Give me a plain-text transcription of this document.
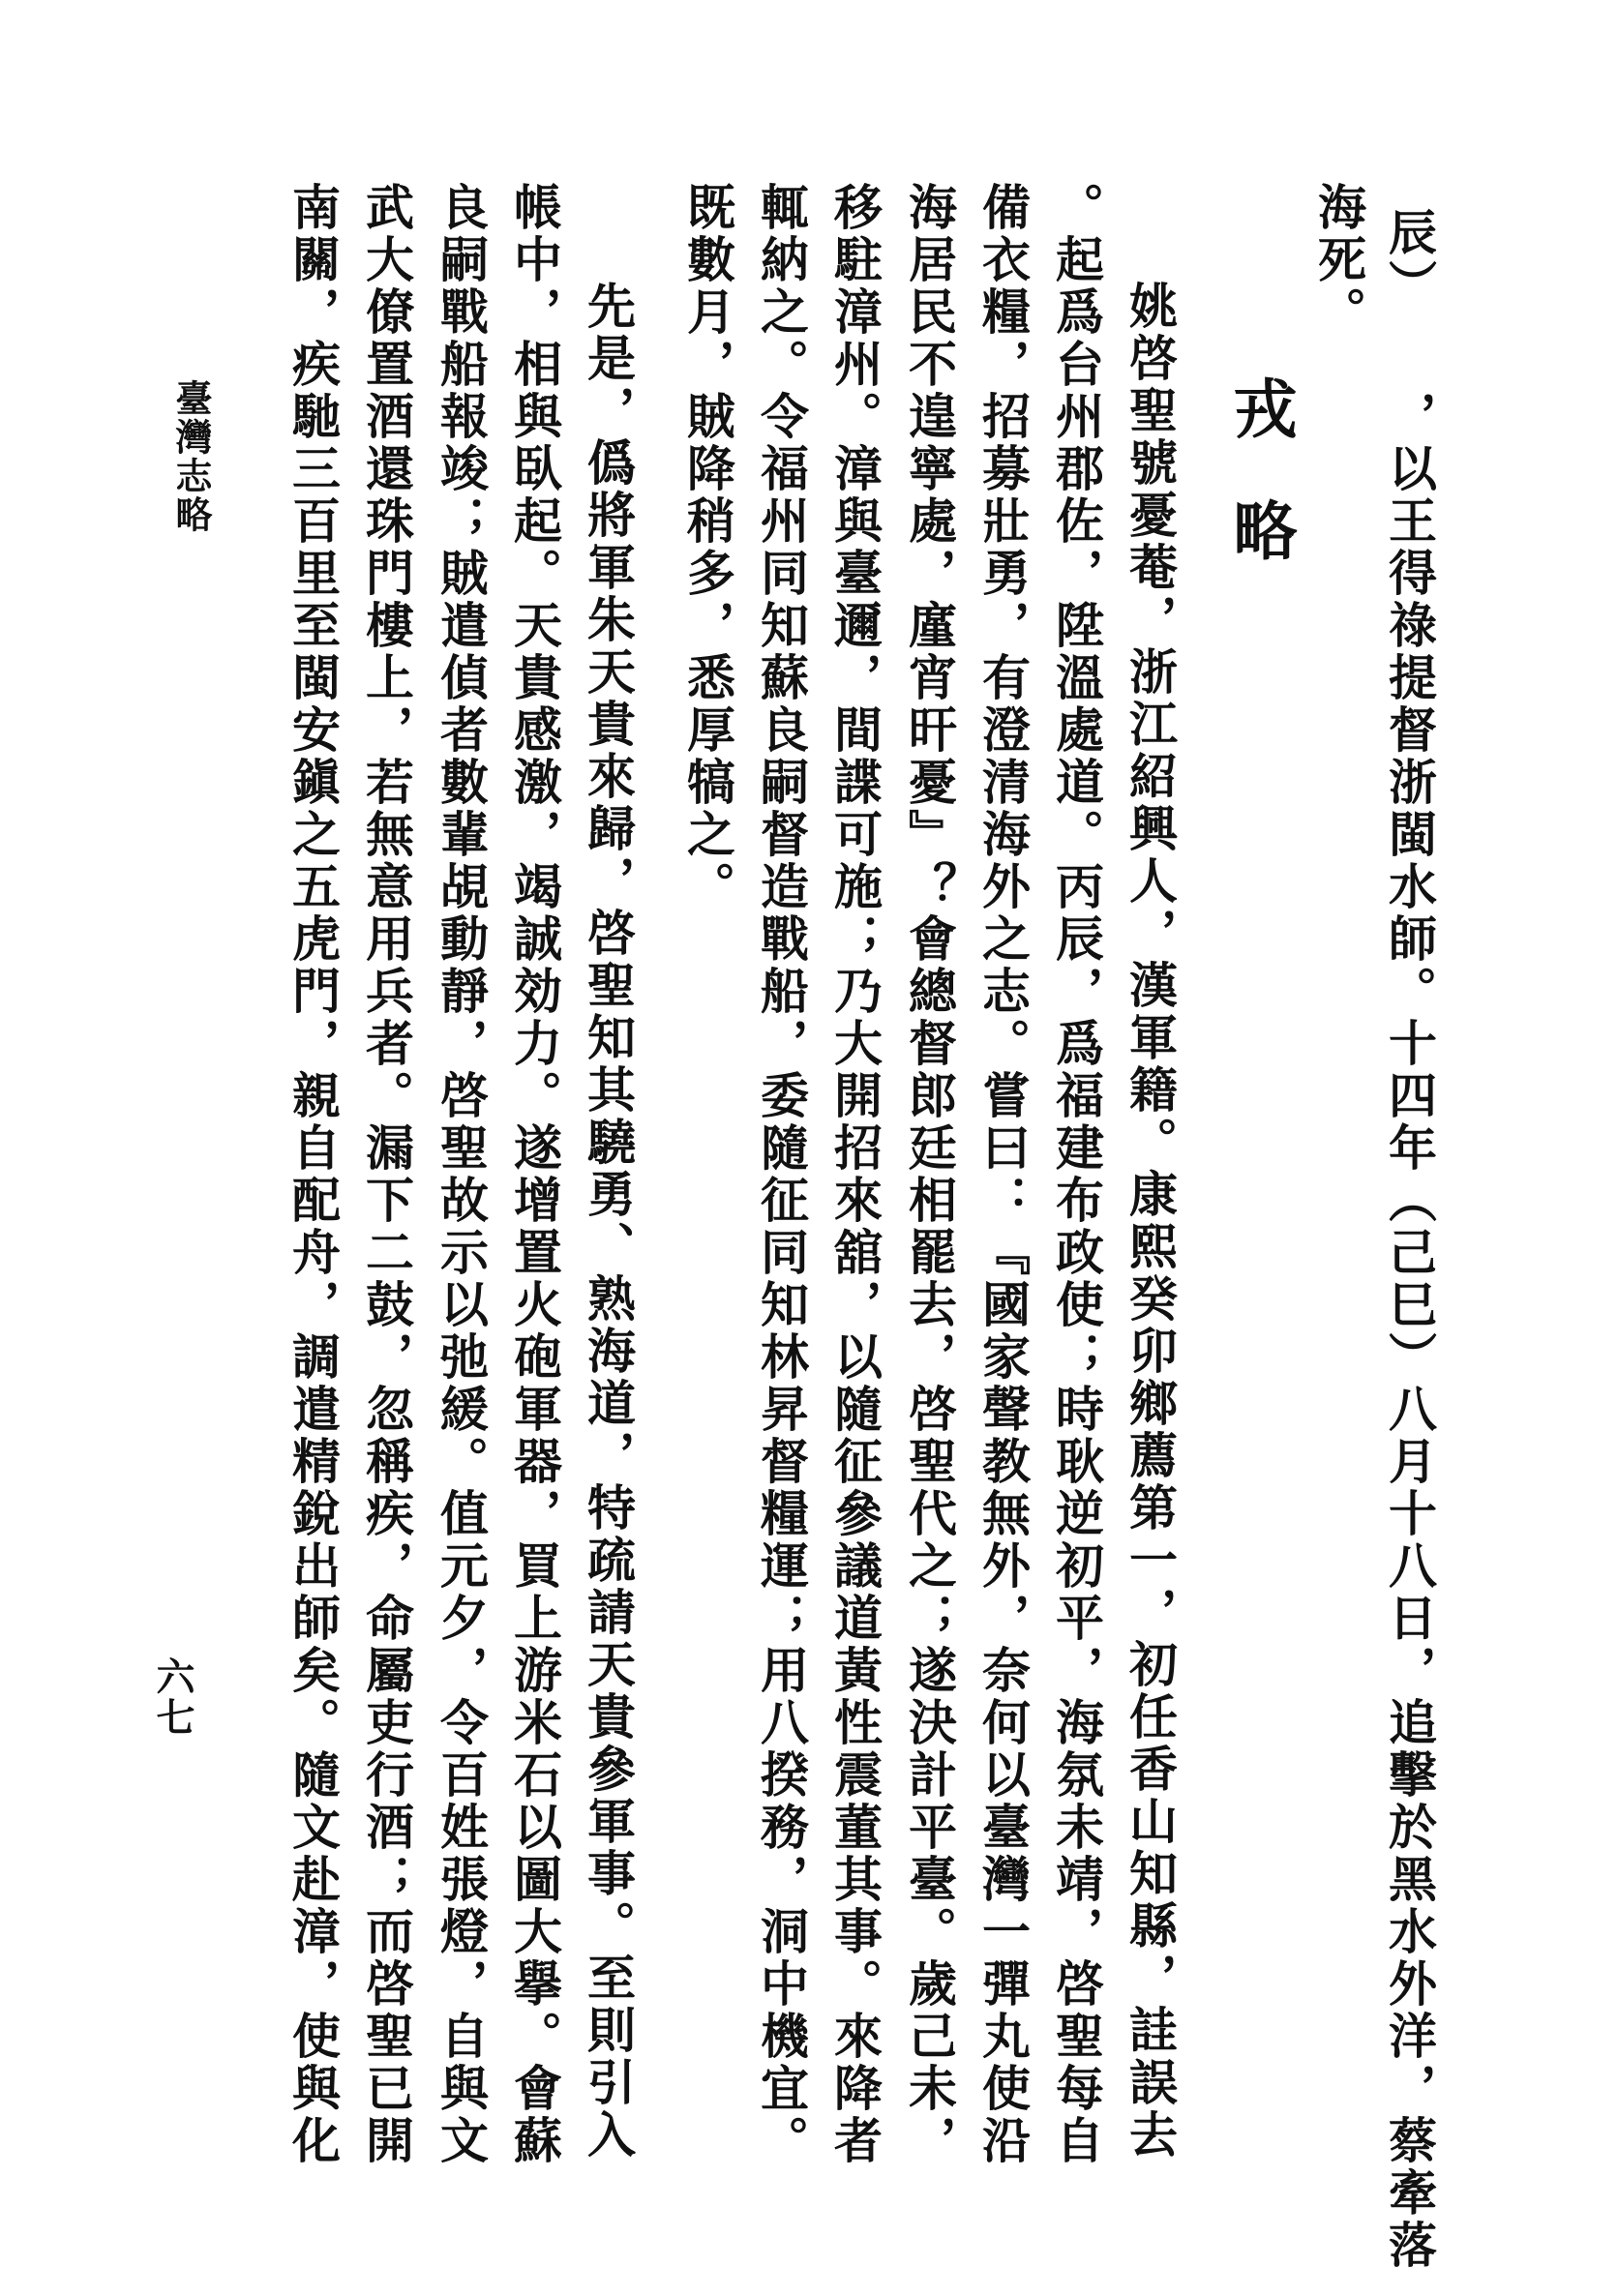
辰）
，以王得祿提督浙閩水師。十四年（己巳）八月十八日，追擊於黑水外洋，蔡牽落
海死。
戎略
姚啓聖號憂菴，浙江紹興人，漢軍籍。康熙癸卯鄉薦第一，初任香山知縣，詿誤去
。起爲台州郡佐，陞溫處道。丙辰，爲福建布政使；時耿逆初平，海氛未靖，啓聖每自
備衣糧，招募壯勇，有澄清海外之志。嘗曰：『國家聲教無外，奈何以臺灣一彈丸使沿
海居民不遑寧處，廑宵旰憂』？會總督郎廷相罷去，啓聖代之；遂決計平臺。歲己未，
移駐漳州。漳與臺邇，間諜可施；乃大開招來舘，以隨征參議道黃性震董其事。來降者
輒納之。令福州同知蘇良嗣督造戰船，委隨征同知林昇督糧運；用八揆務，洞中機宜。
既數月，賊降稍多，悉厚犒之。
先是，僞將軍朱天貴來歸，啓聖知其驍勇、熟海道，特疏請天貴參軍事。至則引入
帳中，相與臥起。天貴感激，竭誠効力。遂增置火砲軍器，買上游米石以圖大擧。會蘇
良嗣戰船報竣；賊遣偵者數輩覘動靜，啓聖故示以弛緩。值元夕，令百姓張燈，自與文
武大僚置酒還珠門樓上，若無意用兵者。漏下二鼓，忽稱疾，命屬吏行酒；而啓聖已開
南關，疾馳三百里至閩安鎭之五虎門，親自配舟，調遣精銳出師矣。隨文赴漳，使與化
臺灣志略
六七
